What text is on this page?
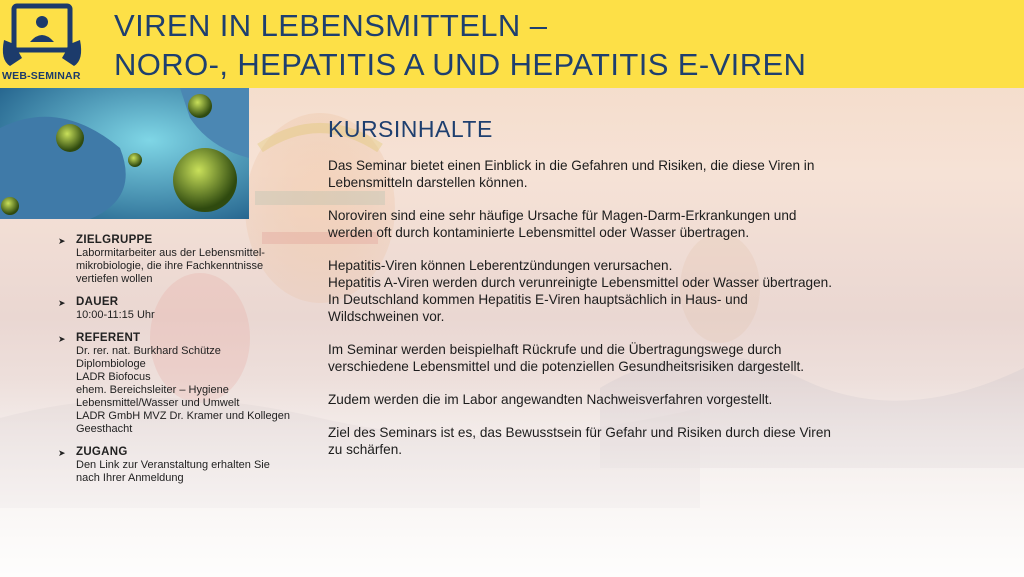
WEB-SEMINAR
VIREN IN LEBENSMITTELN –
NORO-, HEPATITIS A UND HEPATITIS E-VIREN
➤ ZIELGRUPPE
Labormitarbeiter aus der Lebensmittel-
mikrobiologie, die ihre Fachkenntnisse
vertiefen wollen
➤ DAUER
10:00-11:15 Uhr
➤ REFERENT
Dr. rer. nat. Burkhard Schütze
Diplombiologe
LADR Biofocus
ehem. Bereichsleiter – Hygiene
Lebensmittel/Wasser und Umwelt
LADR GmbH MVZ Dr. Kramer und Kollegen
Geesthacht
➤ ZUGANG
Den Link zur Veranstaltung erhalten Sie
nach Ihrer Anmeldung
KURSINHALTE

Das Seminar bietet einen Einblick in die Gefahren und Risiken, die diese Viren in
Lebensmitteln darstellen können.

Noroviren sind eine sehr häufige Ursache für Magen-Darm-Erkrankungen und
werden oft durch kontaminierte Lebensmittel oder Wasser übertragen.

Hepatitis-Viren können Leberentzündungen verursachen.
Hepatitis A-Viren werden durch verunreinigte Lebensmittel oder Wasser übertragen.
In Deutschland kommen Hepatitis E-Viren hauptsächlich in Haus- und
Wildschweinen vor.

Im Seminar werden beispielhaft Rückrufe und die Übertragungswege durch
verschiedene Lebensmittel und die potenziellen Gesundheitsrisiken dargestellt.

Zudem werden die im Labor angewandten Nachweisverfahren vorgestellt.

Ziel des Seminars ist es, das Bewusstsein für Gefahr und Risiken durch diese Viren
zu schärfen.
